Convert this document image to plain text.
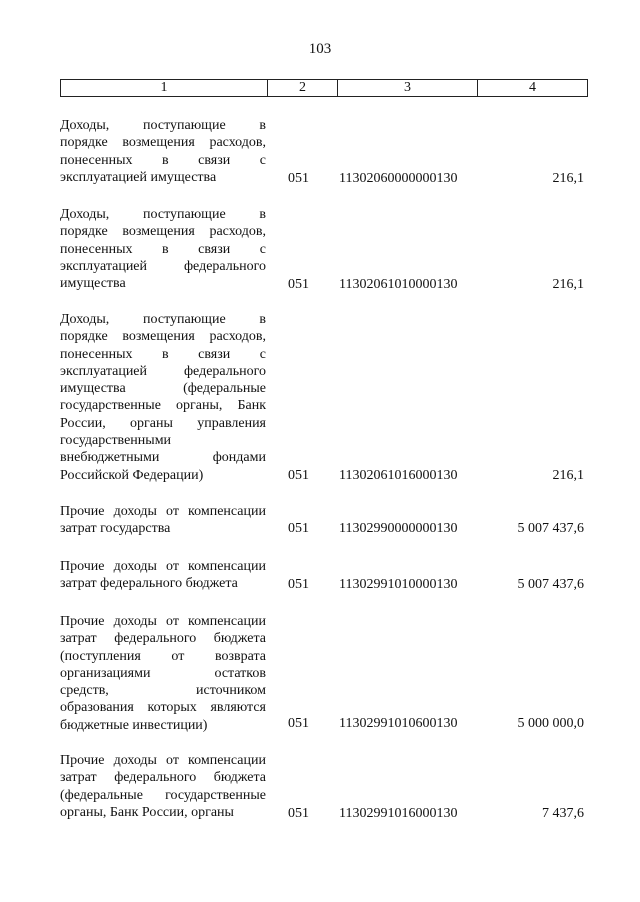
103
1	2	3	4
Доходы, поступающие в
порядке возмещения расходов,
понесенных в связи с
эксплуатацией имущества	051 11302060000000130	216,1
Доходы, поступающие в
порядке возмещения расходов,
понесенных в связи с
эксплуатацией федерального
имущества	051 11302061010000130	216,1
Доходы, поступающие в
порядке возмещения расходов,
понесенных в связи с
эксплуатацией федерального
имущества (федеральные
государственные органы, Банк
России, органы управления
государственными
внебюджетными фондами
Российской Федерации)	051 11302061016000130	216,1
Прочие доходы от компенсации
затрат государства	051 11302990000000130	5 007 437,6
Прочие доходы от компенсации
затрат федерального бюджета	051 11302991010000130	5 007 437,6
Прочие доходы от компенсации
затрат федерального бюджета
(поступления от возврата
организациями остатков
средств, источником
образования которых являются
бюджетные инвестиции)	051 11302991010600130	5 000 000,0
Прочие доходы от компенсации
затрат федерального бюджета
(федеральные государственные
органы, Банк России, органы	051 11302991016000130	7 437,6
